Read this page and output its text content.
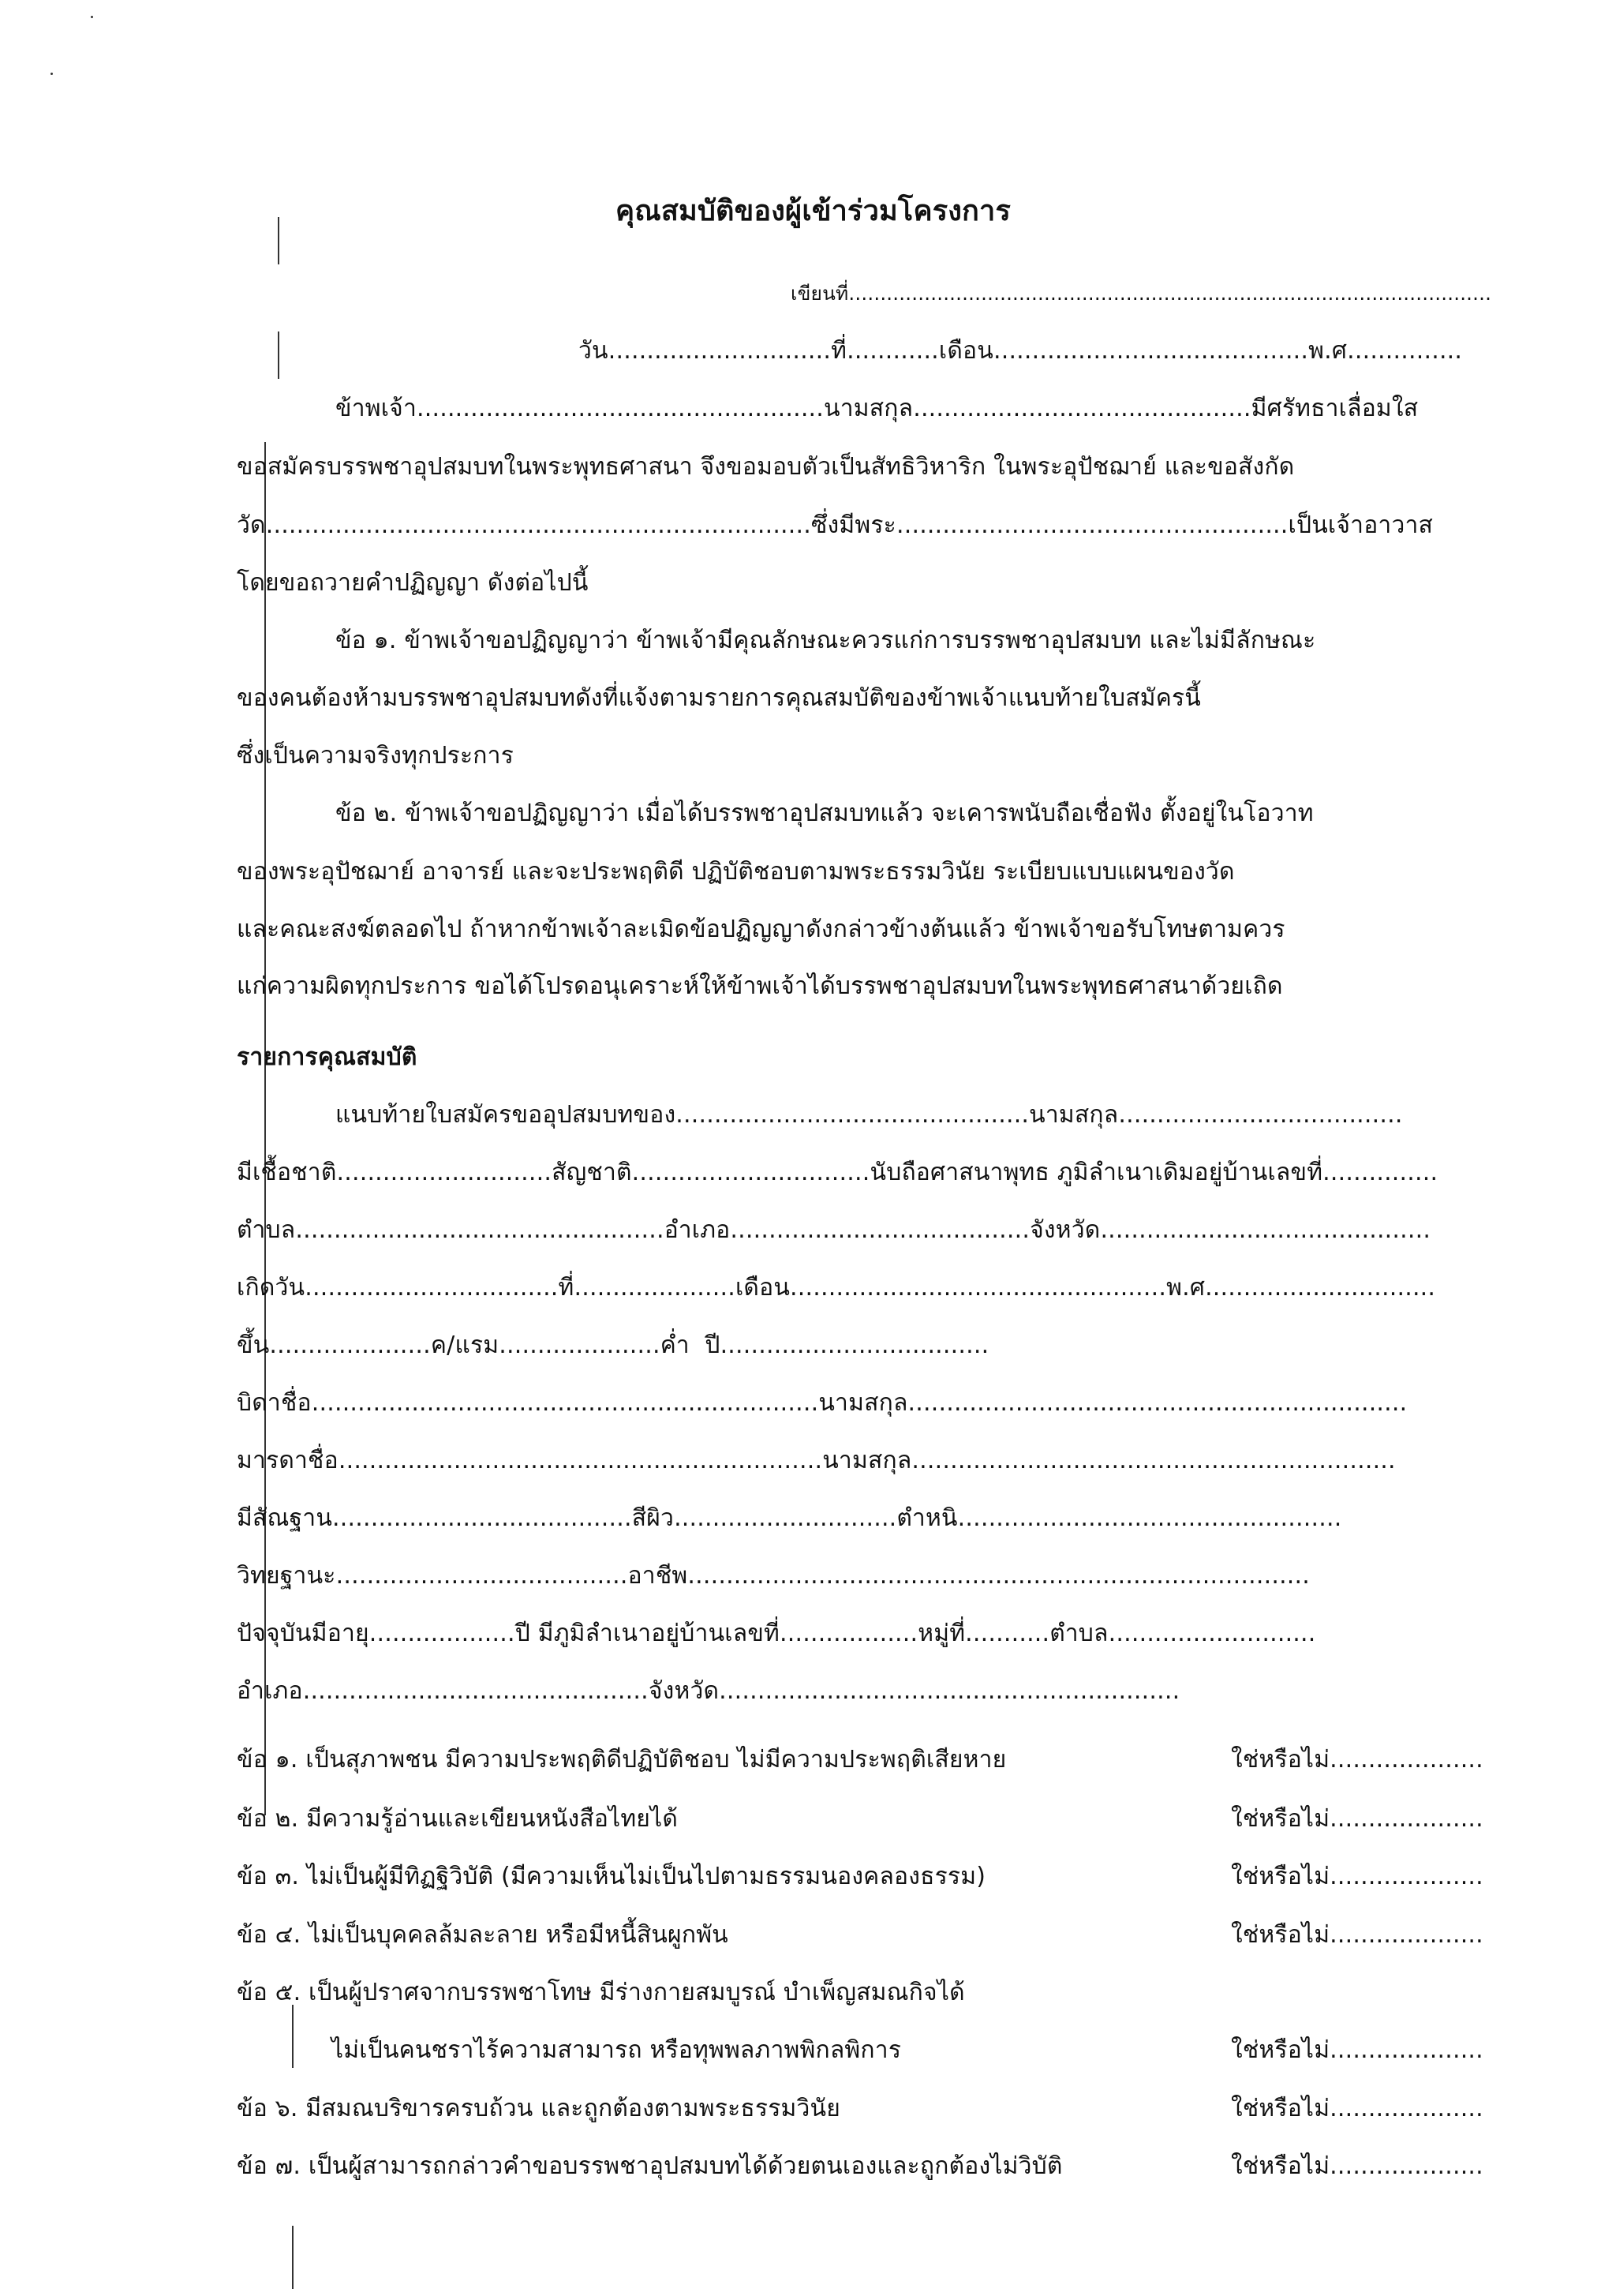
คุณสมบัติของผู้เข้าร่วมโครงการ
เขียนที่......................................................................................................
วัน.............................ที่............เดือน.........................................พ.ศ...............
ข้าพเจ้า.....................................................นามสกุล............................................มีศรัทธาเลื่อมใส
ขอสมัครบรรพชาอุปสมบทในพระพุทธศาสนา จึงขอมอบตัวเป็นสัทธิวิหาริก ในพระอุปัชฌาย์ และขอสังกัด
วัด.......................................................................ซึ่งมีพระ...................................................เป็นเจ้าอาวาส
โดยขอถวายคำปฏิญญา ดังต่อไปนี้
ข้อ ๑. ข้าพเจ้าขอปฏิญญาว่า ข้าพเจ้ามีคุณลักษณะควรแก่การบรรพชาอุปสมบท และไม่มีลักษณะ
ของคนต้องห้ามบรรพชาอุปสมบทดังที่แจ้งตามรายการคุณสมบัติของข้าพเจ้าแนบท้ายใบสมัครนี้
ซึ่งเป็นความจริงทุกประการ
ข้อ ๒. ข้าพเจ้าขอปฏิญญาว่า เมื่อได้บรรพชาอุปสมบทแล้ว จะเคารพนับถือเชื่อฟัง ตั้งอยู่ในโอวาท
ของพระอุปัชฌาย์ อาจารย์ และจะประพฤติดี ปฏิบัติชอบตามพระธรรมวินัย ระเบียบแบบแผนของวัด
และคณะสงฆ์ตลอดไป ถ้าหากข้าพเจ้าละเมิดข้อปฏิญญาดังกล่าวข้างต้นแล้ว ข้าพเจ้าขอรับโทษตามควร
แก่ความผิดทุกประการ ขอได้โปรดอนุเคราะห์ให้ข้าพเจ้าได้บรรพชาอุปสมบทในพระพุทธศาสนาด้วยเถิด
รายการคุณสมบัติ
แนบท้ายใบสมัครขออุปสมบทของ..............................................นามสกุล.....................................
มีเชื้อชาติ............................สัญชาติ...............................นับถือศาสนาพุทธ ภูมิลำเนาเดิมอยู่บ้านเลขที่...............
ตำบล................................................อำเภอ.......................................จังหวัด...........................................
เกิดวัน.................................ที่.....................เดือน.................................................พ.ศ..............................
ขึ้น.....................ค/แรม.....................ค่ำ  ปี...................................
บิดาชื่อ..................................................................นามสกุล.................................................................
มารดาชื่อ...............................................................นามสกุล...............................................................
มีสัณฐาน.......................................สีผิว.............................ตำหนิ..................................................
วิทยฐานะ......................................อาชีพ.................................................................................
ปัจจุบันมีอายุ...................ปี มีภูมิลำเนาอยู่บ้านเลขที่..................หมู่ที่...........ตำบล...........................
อำเภอ.............................................จังหวัด............................................................
ข้อ ๑. เป็นสุภาพชน มีความประพฤติดีปฏิบัติชอบ ไม่มีความประพฤติเสียหาย	ใช่หรือไม่....................
ข้อ ๒. มีความรู้อ่านและเขียนหนังสือไทยได้	ใช่หรือไม่....................
ข้อ ๓. ไม่เป็นผู้มีทิฏฐิวิบัติ (มีความเห็นไม่เป็นไปตามธรรมนองคลองธรรม)	ใช่หรือไม่....................
ข้อ ๔. ไม่เป็นบุคคลล้มละลาย หรือมีหนี้สินผูกพัน	ใช่หรือไม่....................
ข้อ ๕. เป็นผู้ปราศจากบรรพชาโทษ มีร่างกายสมบูรณ์ บำเพ็ญสมณกิจได้
ไม่เป็นคนชราไร้ความสามารถ หรือทุพพลภาพพิกลพิการ	ใช่หรือไม่....................
ข้อ ๖. มีสมณบริขารครบถ้วน และถูกต้องตามพระธรรมวินัย	ใช่หรือไม่....................
ข้อ ๗. เป็นผู้สามารถกล่าวคำขอบรรพชาอุปสมบทได้ด้วยตนเองและถูกต้องไม่วิบัติ	ใช่หรือไม่....................
